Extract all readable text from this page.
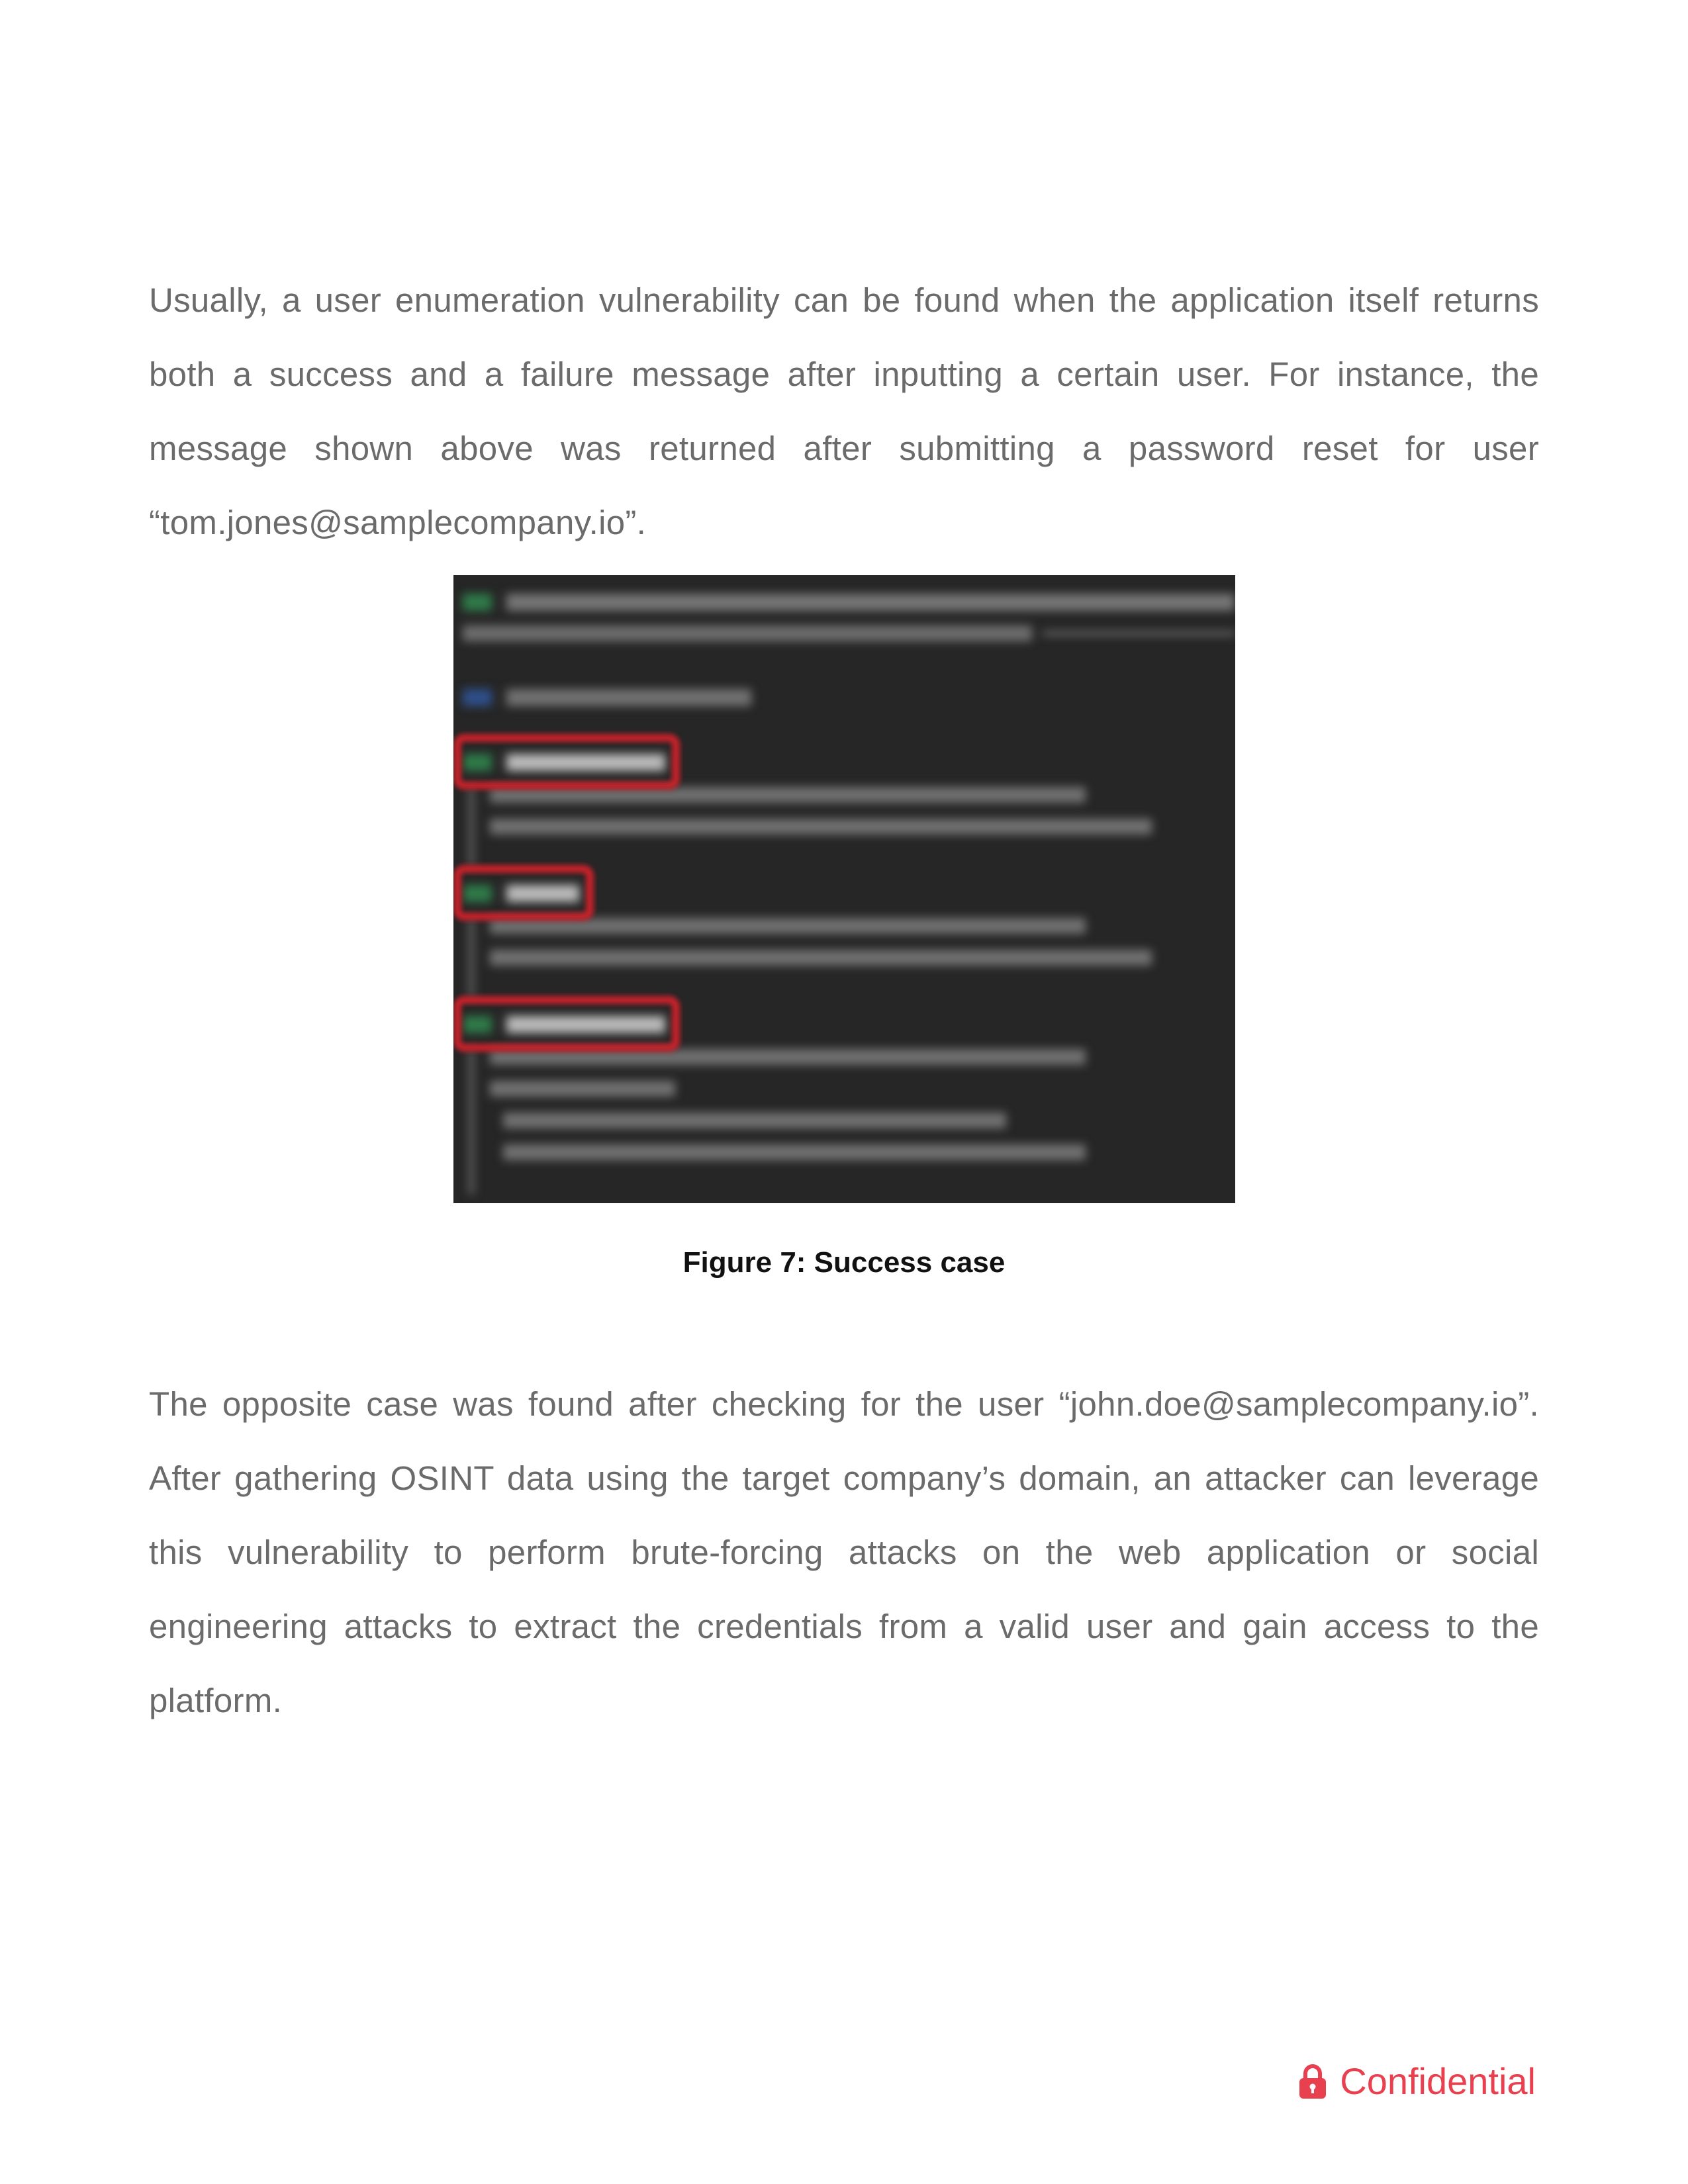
Usually, a user enumeration vulnerability can be found when the application itself returns both a success and a failure message after inputting a certain user. For instance, the message shown above was returned after submitting a password reset for user “tom.jones@samplecompany.io”.

Figure 7: Success case

The opposite case was found after checking for the user “john.doe@samplecompany.io”. After gathering OSINT data using the target company’s domain, an attacker can leverage this vulnerability to perform brute-forcing attacks on the web application or social engineering attacks to extract the credentials from a valid user and gain access to the platform.

Confidential
